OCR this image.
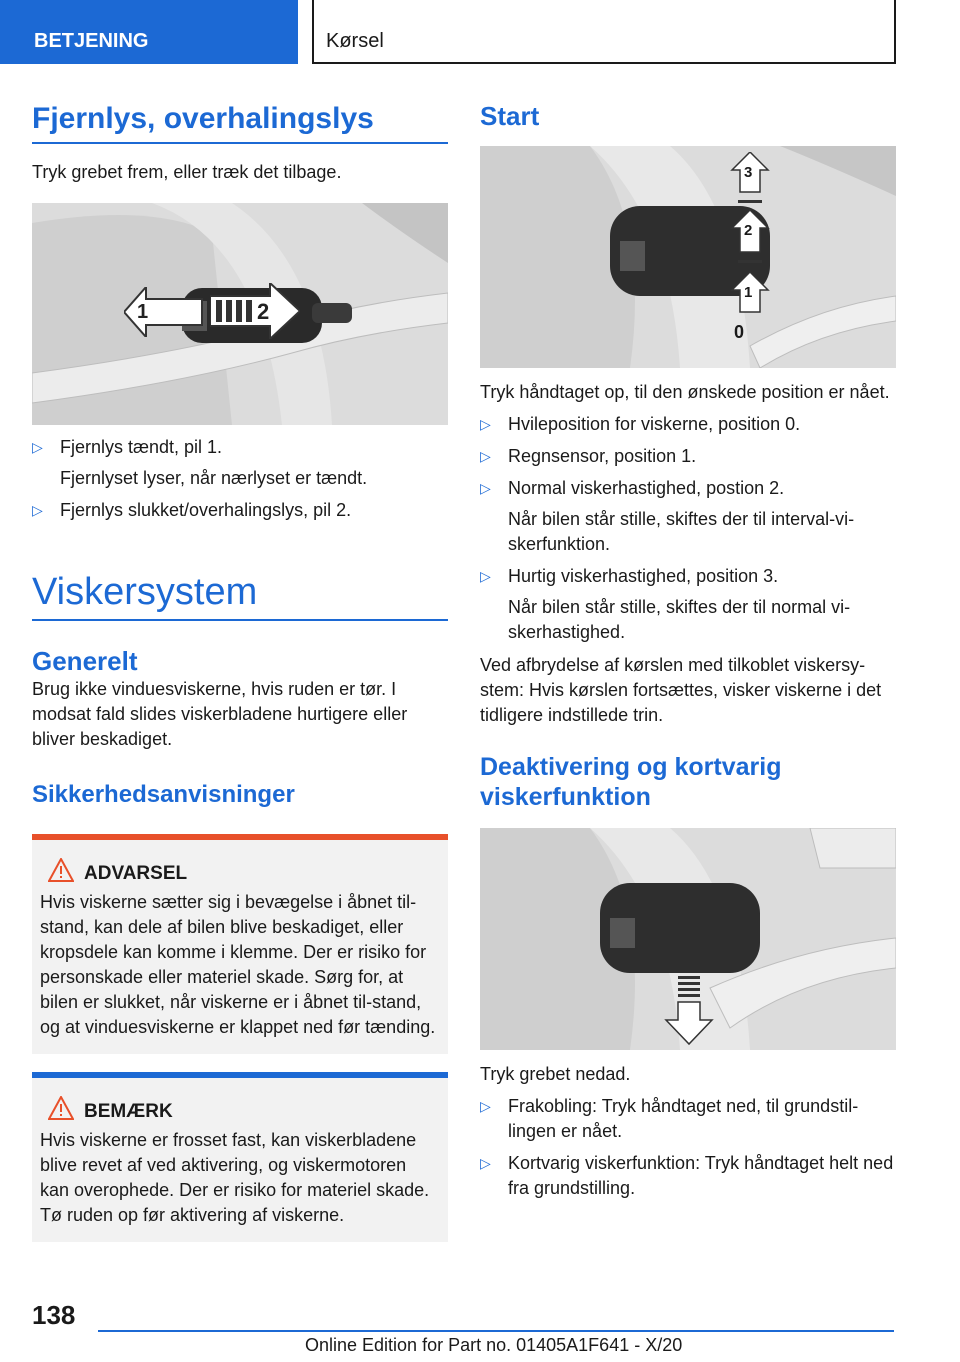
BETJENING	Kørsel
Fjernlys, overhalingslys

Tryk grebet frem, eller træk det tilbage.

1	2
▷ Fjernlys tændt, pil 1.
Fjernlyset lyser, når nærlyset er tændt.
▷ Fjernlys slukket/overhalingslys, pil 2.
Viskersystem
Generelt

Brug ikke vinduesviskerne, hvis ruden er tør. I modsat fald slides viskerbladene hurtigere eller bliver beskadiget.

Sikkerhedsanvisninger
ADVARSEL

Hvis viskerne sætter sig i bevægelse i åbnet til-stand, kan dele af bilen blive beskadiget, eller kropsdele kan komme i klemme. Der er risiko for personskade eller materiel skade. Sørg for, at bilen er slukket, når viskerne er i åbnet til-stand, og at vinduesviskerne er klappet ned før tænding.

BEMÆRK

Hvis viskerne er frosset fast, kan viskerbladene blive revet af ved aktivering, og viskermotoren kan overophede. Der er risiko for materiel skade. Tø ruden op før aktivering af viskerne.

Start
3
2
1
0

Tryk håndtaget op, til den ønskede position er nået.

▷ Hvileposition for viskerne, position 0.
▷ Regnsensor, position 1.
▷ Normal viskerhastighed, postion 2.
Når bilen står stille, skiftes der til interval-vi-skerfunktion.
▷ Hurtig viskerhastighed, position 3.
Når bilen står stille, skiftes der til normal vi-skerhastighed.

Ved afbrydelse af kørslen med tilkoblet viskersy-stem: Hvis kørslen fortsættes, visker viskerne i det tidligere indstillede trin.

Deaktivering og kortvarig viskerfunktion

Tryk grebet nedad.

▷ Frakobling: Tryk håndtaget ned, til grundstil-lingen er nået.
▷ Kortvarig viskerfunktion: Tryk håndtaget helt ned fra grundstilling.
138
Online Edition for Part no. 01405A1F641 - X/20
